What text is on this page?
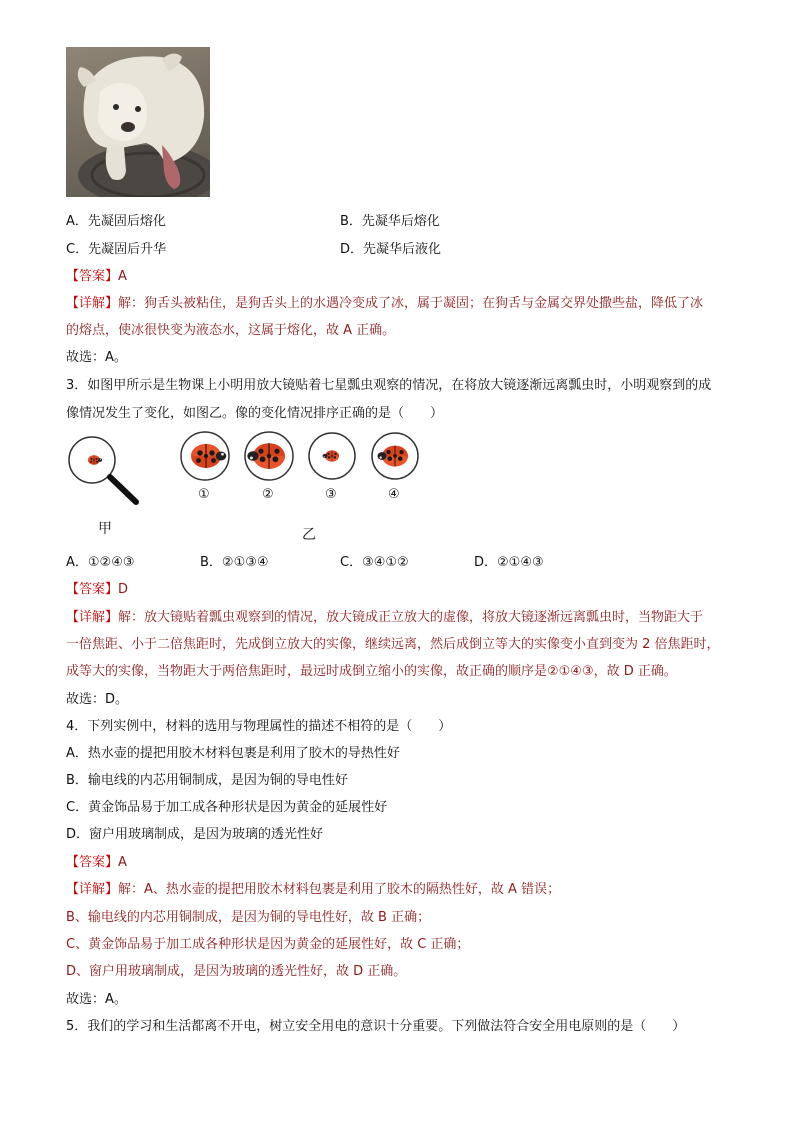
A．先凝固后熔化	B．先凝华后熔化
C．先凝固后升华	D．先凝华后液化
【答案】A
【详解】解：狗舌头被粘住，是狗舌头上的水遇冷变成了冰，属于凝固；在狗舌与金属交界处撒些盐，降低了冰
的熔点，使冰很快变为液态水，这属于熔化，故 A 正确。
故选：A。
3．如图甲所示是生物课上小明用放大镜贴着七星瓢虫观察的情况，在将放大镜逐渐远离瓢虫时，小明观察到的成
像情况发生了变化，如图乙。像的变化情况排序正确的是（　　）
①	②	③	④
甲	乙
A．①②④③	B．②①③④	C．③④①②	D．②①④③
【答案】D
【详解】解：放大镜贴着瓢虫观察到的情况，放大镜成正立放大的虚像，将放大镜逐渐远离瓢虫时，当物距大于
一倍焦距、小于二倍焦距时，先成倒立放大的实像，继续远离，然后成倒立等大的实像变小直到变为 2 倍焦距时，
成等大的实像，当物距大于两倍焦距时，最远时成倒立缩小的实像，故正确的顺序是②①④③，故 D 正确。
故选：D。
4．下列实例中，材料的选用与物理属性的描述不相符的是（　　）
A．热水壶的提把用胶木材料包裹是利用了胶木的导热性好
B．输电线的内芯用铜制成，是因为铜的导电性好
C．黄金饰品易于加工成各种形状是因为黄金的延展性好
D．窗户用玻璃制成，是因为玻璃的透光性好
【答案】A
【详解】解：A、热水壶的提把用胶木材料包裹是利用了胶木的隔热性好，故 A 错误；
B、输电线的内芯用铜制成，是因为铜的导电性好，故 B 正确；
C、黄金饰品易于加工成各种形状是因为黄金的延展性好，故 C 正确；
D、窗户用玻璃制成，是因为玻璃的透光性好，故 D 正确。
故选：A。
5．我们的学习和生活都离不开电，树立安全用电的意识十分重要。下列做法符合安全用电原则的是（　　）
